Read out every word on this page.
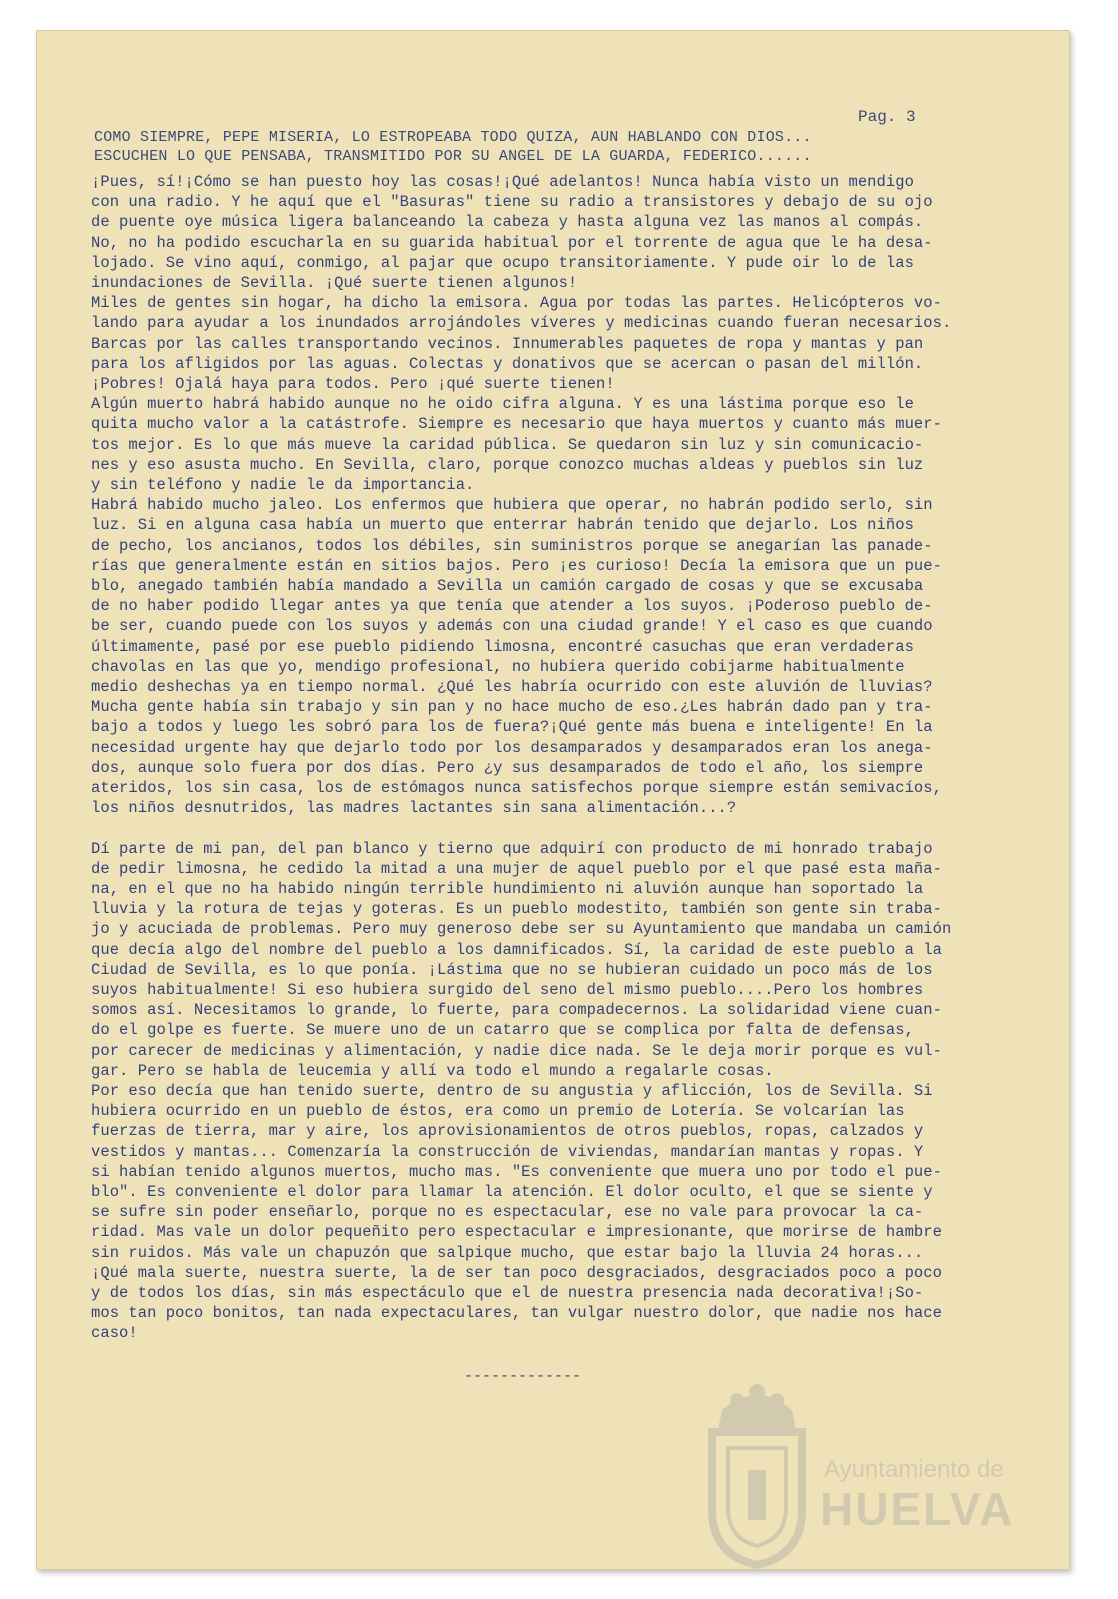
Pag. 3
COMO SIEMPRE, PEPE MISERIA, LO ESTROPEABA TODO QUIZA, AUN HABLANDO CON DIOS...
ESCUCHEN LO QUE PENSABA, TRANSMITIDO POR SU ANGEL DE LA GUARDA, FEDERICO......
¡Pues, sí!¡Cómo se han puesto hoy las cosas!¡Qué adelantos! Nunca había visto un mendigo
con una radio. Y he aquí que el "Basuras" tiene su radio a transistores y debajo de su ojo
de puente oye música ligera balanceando la cabeza y hasta alguna vez las manos al compás.
No, no ha podido escucharla en su guarida habitual por el torrente de agua que le ha desa-
lojado. Se vino aquí, conmigo, al pajar que ocupo transitoriamente. Y pude oir lo de las
inundaciones de Sevilla. ¡Qué suerte tienen algunos!
Miles de gentes sin hogar, ha dicho la emisora. Agua por todas las partes. Helicópteros vo-
lando para ayudar a los inundados arrojándoles víveres y medicinas cuando fueran necesarios.
Barcas por las calles transportando vecinos. Innumerables paquetes de ropa y mantas y pan
para los afligidos por las aguas. Colectas y donativos que se acercan o pasan del millón.
¡Pobres! Ojalá haya para todos. Pero ¡qué suerte tienen!
Algún muerto habrá habido aunque no he oido cifra alguna. Y es una lástima porque eso le
quita mucho valor a la catástrofe. Siempre es necesario que haya muertos y cuanto más muer-
tos mejor. Es lo que más mueve la caridad pública. Se quedaron sin luz y sin comunicacio-
nes y eso asusta mucho. En Sevilla, claro, porque conozco muchas aldeas y pueblos sin luz
y sin teléfono y nadie le da importancia.
Habrá habido mucho jaleo. Los enfermos que hubiera que operar, no habrán podido serlo, sin
luz. Si en alguna casa había un muerto que enterrar habrán tenido que dejarlo. Los niños
de pecho, los ancianos, todos los débiles, sin suministros porque se anegarían las panade-
rías que generalmente están en sitios bajos. Pero ¡es curioso! Decía la emisora que un pue-
blo, anegado también había mandado a Sevilla un camión cargado de cosas y que se excusaba
de no haber podido llegar antes ya que tenía que atender a los suyos. ¡Poderoso pueblo de-
be ser, cuando puede con los suyos y además con una ciudad grande! Y el caso es que cuando
últimamente, pasé por ese pueblo pidiendo limosna, encontré casuchas que eran verdaderas
chavolas en las que yo, mendigo profesional, no hubiera querido cobijarme habitualmente
medio deshechas ya en tiempo normal. ¿Qué les habría ocurrido con este aluvión de lluvias?
Mucha gente había sin trabajo y sin pan y no hace mucho de eso.¿Les habrán dado pan y tra-
bajo a todos y luego les sobró para los de fuera?¡Qué gente más buena e inteligente! En la
necesidad urgente hay que dejarlo todo por los desamparados y desamparados eran los anega-
dos, aunque solo fuera por dos días. Pero ¿y sus desamparados de todo el año, los siempre
ateridos, los sin casa, los de estómagos nunca satisfechos porque siempre están semivacíos,
los niños desnutridos, las madres lactantes sin sana alimentación...?
Dí parte de mi pan, del pan blanco y tierno que adquirí con producto de mi honrado trabajo
de pedir limosna, he cedido la mitad a una mujer de aquel pueblo por el que pasé esta maña-
na, en el que no ha habido ningún terrible hundimiento ni aluvión aunque han soportado la
lluvia y la rotura de tejas y goteras. Es un pueblo modestito, también son gente sin traba-
jo y acuciada de problemas. Pero muy generoso debe ser su Ayuntamiento que mandaba un camión
que decía algo del nombre del pueblo a los damnificados. Sí, la caridad de este pueblo a la
Ciudad de Sevilla, es lo que ponía. ¡Lástima que no se hubieran cuidado un poco más de los
suyos habitualmente! Si eso hubiera surgido del seno del mismo pueblo....Pero los hombres
somos así. Necesitamos lo grande, lo fuerte, para compadecernos. La solidaridad viene cuan-
do el golpe es fuerte. Se muere uno de un catarro que se complica por falta de defensas,
por carecer de medicinas y alimentación, y nadie dice nada. Se le deja morir porque es vul-
gar. Pero se habla de leucemia y allí va todo el mundo a regalarle cosas.
Por eso decía que han tenido suerte, dentro de su angustia y aflicción, los de Sevilla. Si
hubiera ocurrido en un pueblo de éstos, era como un premio de Lotería. Se volcarían las
fuerzas de tierra, mar y aire, los aprovisionamientos de otros pueblos, ropas, calzados y
vestidos y mantas... Comenzaría la construcción de viviendas, mandarían mantas y ropas. Y
si habían tenido algunos muertos, mucho mas. "Es conveniente que muera uno por todo el pue-
blo". Es conveniente el dolor para llamar la atención. El dolor oculto, el que se siente y
se sufre sin poder enseñarlo, porque no es espectacular, ese no vale para provocar la ca-
ridad. Mas vale un dolor pequeñito pero espectacular e impresionante, que morirse de hambre
sin ruidos. Más vale un chapuzón que salpique mucho, que estar bajo la lluvia 24 horas...
¡Qué mala suerte, nuestra suerte, la de ser tan poco desgraciados, desgraciados poco a poco
y de todos los días, sin más espectáculo que el de nuestra presencia nada decorativa!¡So-
mos tan poco bonitos, tan nada expectaculares, tan vulgar nuestro dolor, que nadie nos hace
caso!
-------------
Ayuntamiento de
HUELVA
